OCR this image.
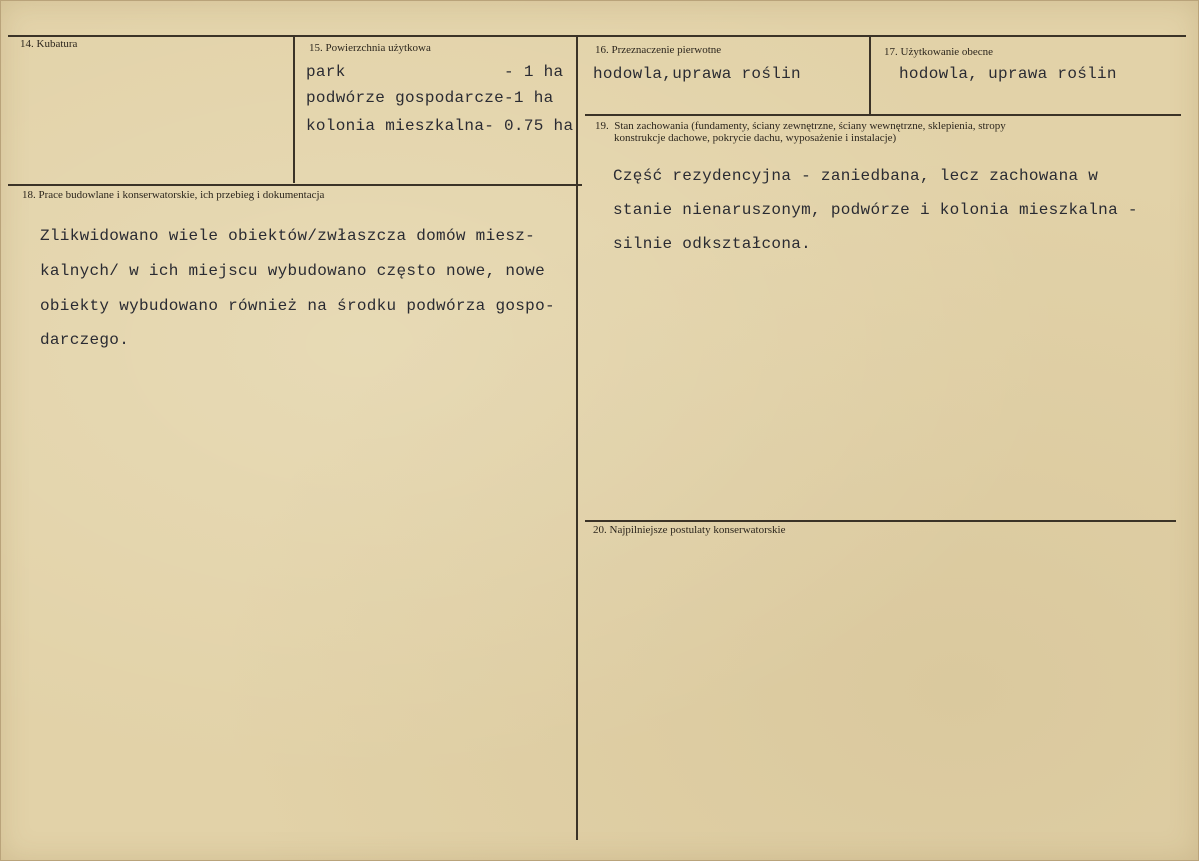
14. Kubatura	15. Powierzchnia użytkowa
park                - 1 ha
podwórze gospodarcze-1 ha
kolonia mieszkalna- 0.75 ha
16. Przeznaczenie pierwotne
hodowla,uprawa roślin
17. Użytkowanie obecne
hodowla, uprawa roślin
18. Prace budowlane i konserwatorskie, ich przebieg i dokumentacja
Zlikwidowano wiele obiektów/zwłaszcza domów miesz-
kalnych/ w ich miejscu wybudowano często nowe, nowe
obiekty wybudowano również na środku podwórza gospo-
darczego.
19.  Stan zachowania (fundamenty, ściany zewnętrzne, ściany wewnętrzne, sklepienia, stropy
konstrukcje dachowe, pokrycie dachu, wyposażenie i instalacje)
Część rezydencyjna - zaniedbana, lecz zachowana w
stanie nienaruszonym, podwórze i kolonia mieszkalna -
silnie odkształcona.
20. Najpilniejsze postulaty konserwatorskie
